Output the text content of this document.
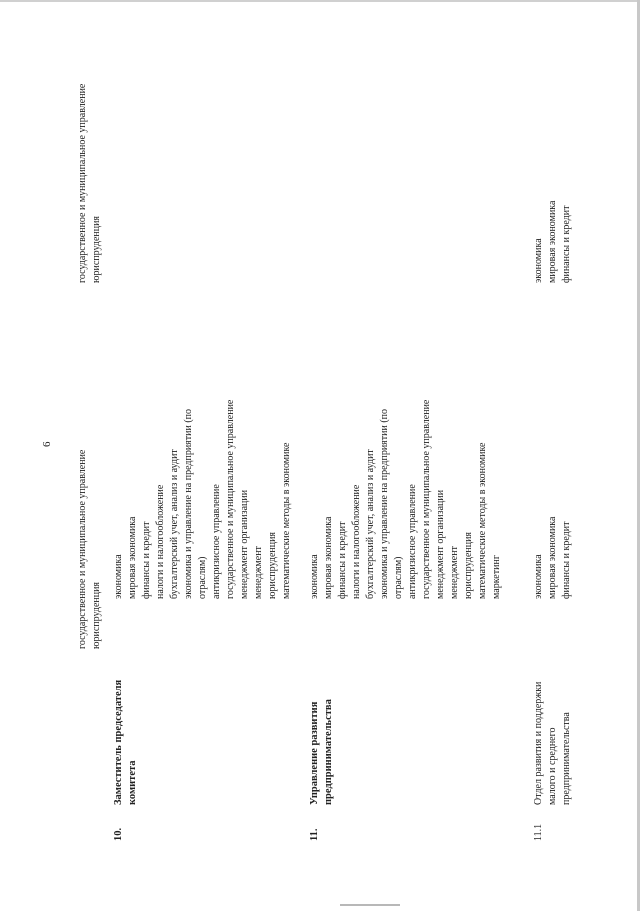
6
государственное и муниципальное управление юриспруденция
государственное и муниципальное управление юриспруденция
10.
Заместитель председателя комитета
экономика мировая экономика финансы и кредит налоги и налогообложение бухгалтерский учет, анализ и аудит экономика и управление на предприятии (по отраслям) антикризисное управление государственное и муниципальное управление менеджмент организации менеджмент юриспруденция математические методы в экономике
11.
Управление развития предпринимательства
экономика мировая экономика финансы и кредит налоги и налогообложение бухгалтерский учет, анализ и аудит экономика и управление на предприятии (по отраслям) антикризисное управление государственное и муниципальное управление менеджмент организации менеджмент юриспруденция математические методы в экономике маркетинг
11.1
Отдел развития и поддержки малого и среднего предпринимательства
экономика мировая экономика финансы и кредит
экономика мировая экономика финансы и кредит
